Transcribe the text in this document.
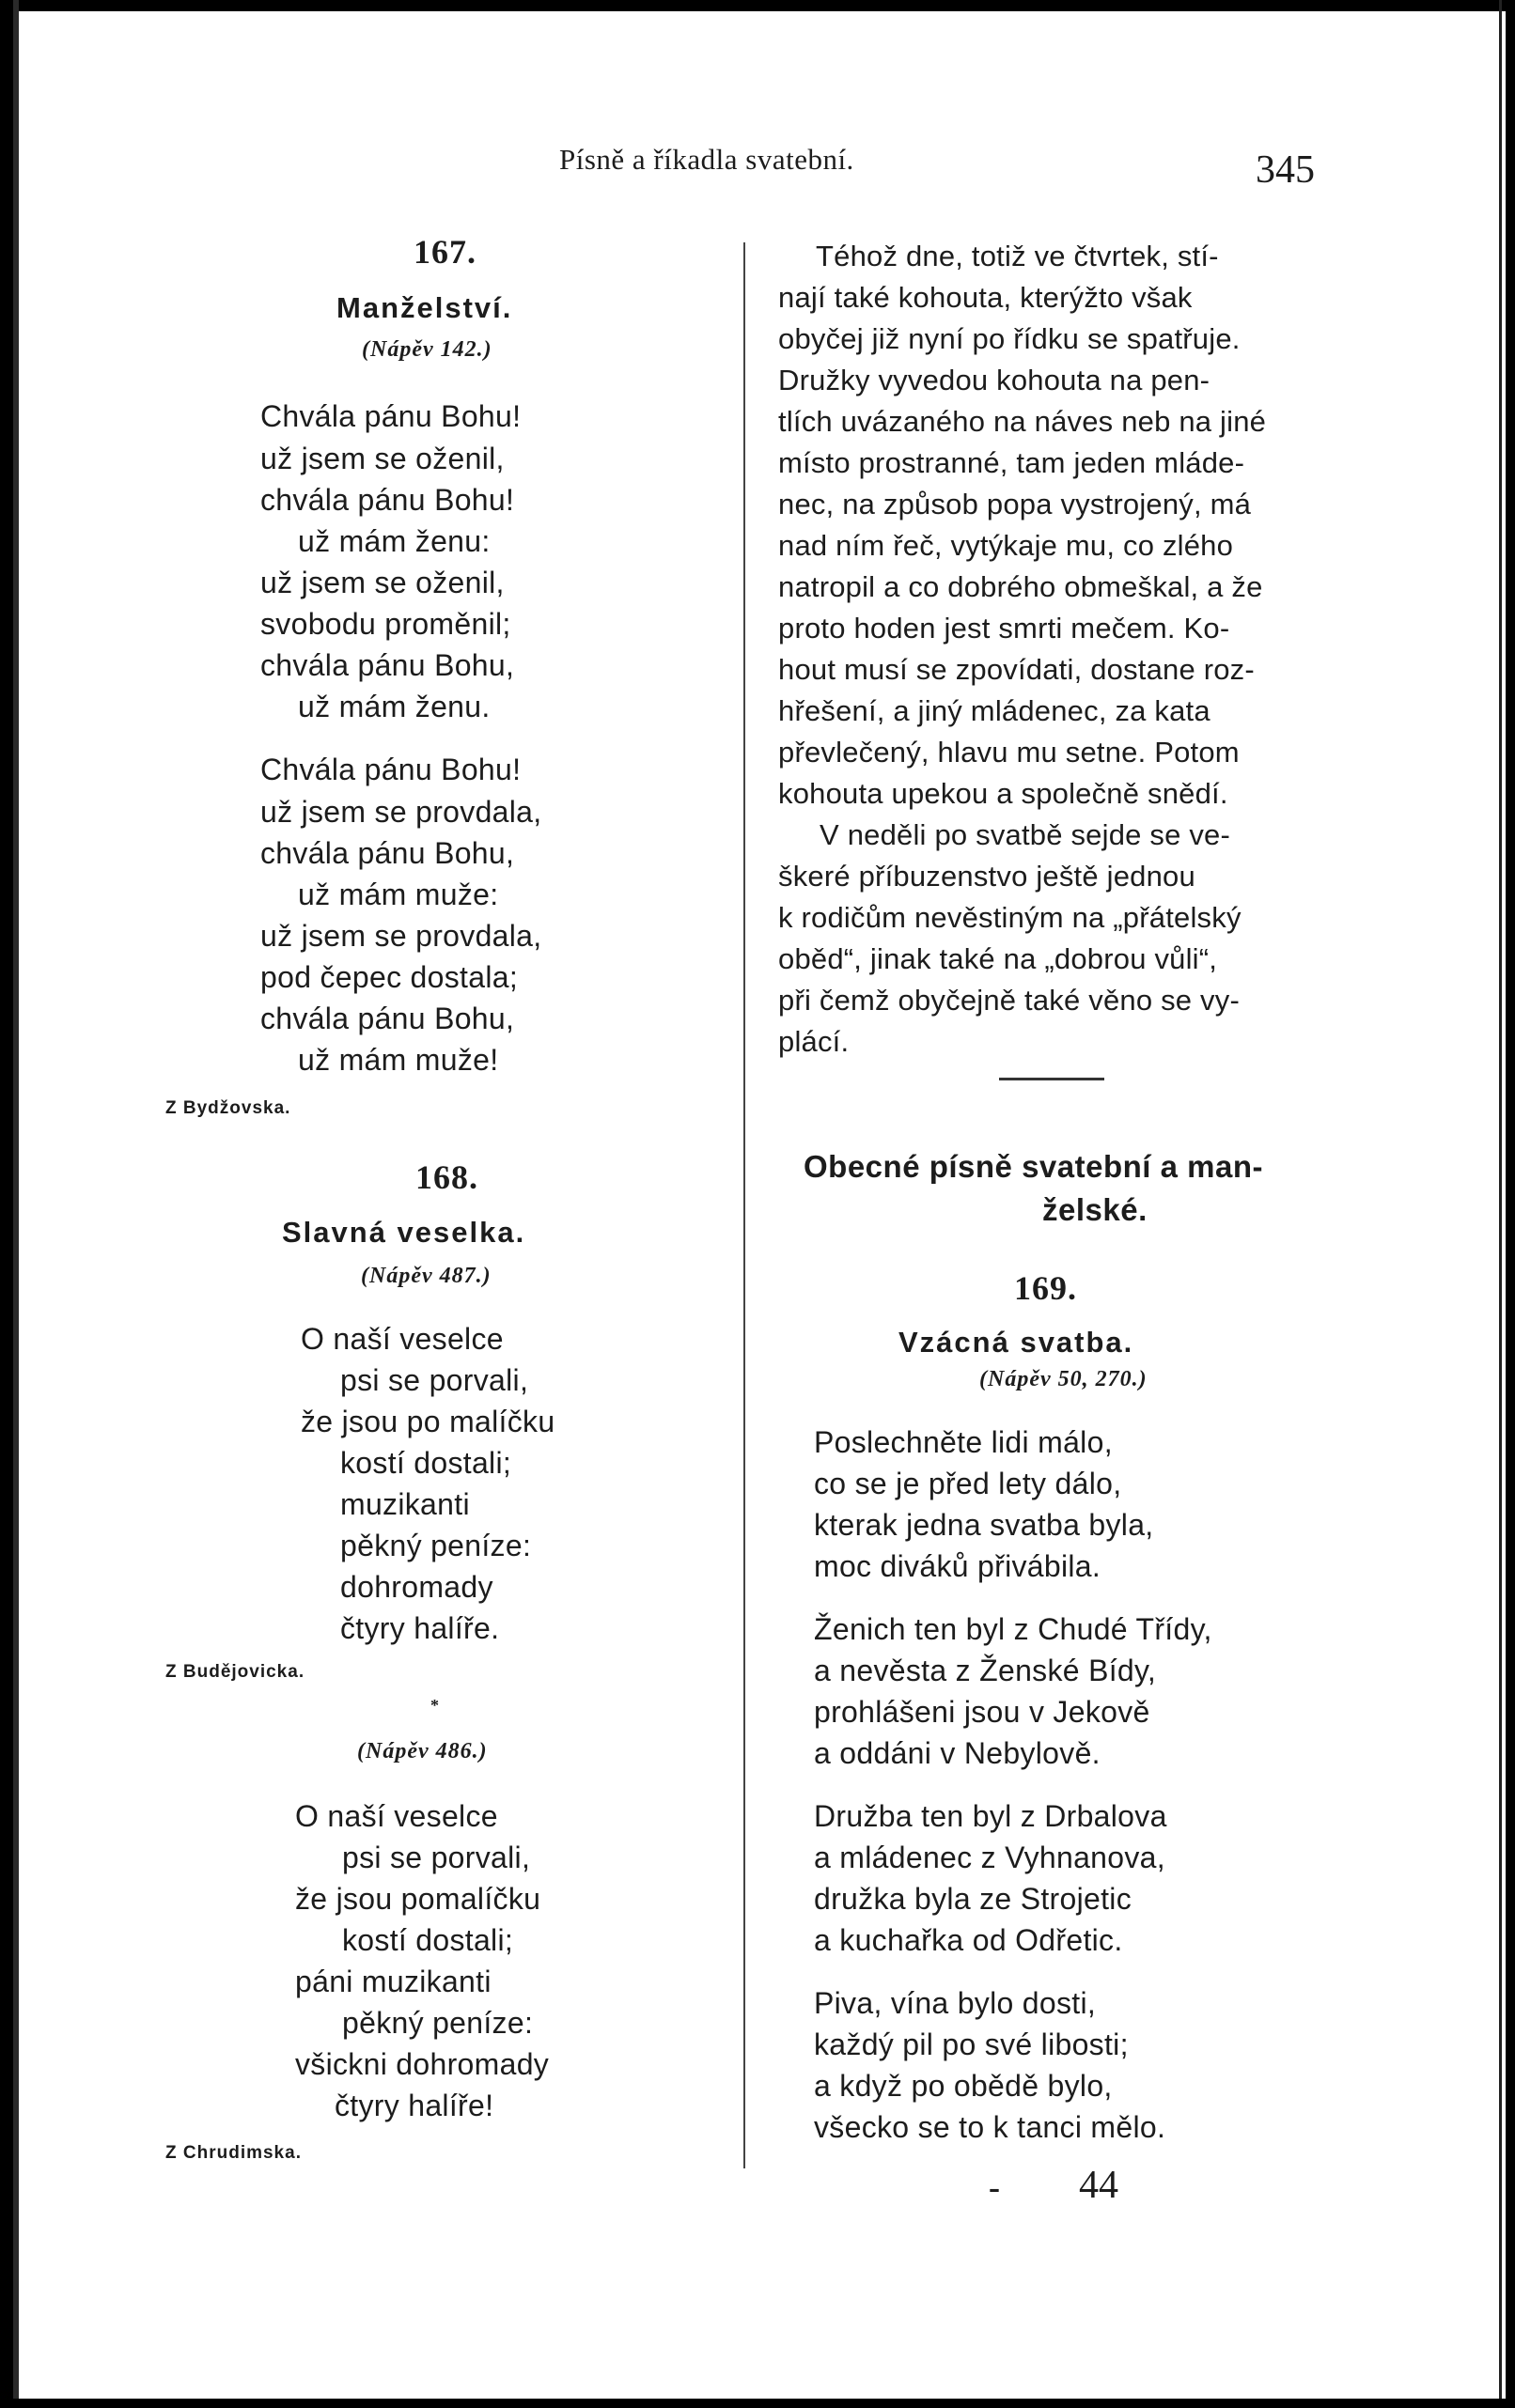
Písně a říkadla svatební.	345
167.
Manželství.
(Nápěv 142.)
Chvála pánu Bohu!
už jsem se oženil,
chvála pánu Bohu!
už mám ženu:
už jsem se oženil,
svobodu proměnil;
chvála pánu Bohu,
už mám ženu.
Chvála pánu Bohu!
už jsem se provdala,
chvála pánu Bohu,
už mám muže:
už jsem se provdala,
pod čepec dostala;
chvála pánu Bohu,
už mám muže!
Z Bydžovska.
168.
Slavná veselka.
(Nápěv 487.)
O naší veselce
psi se porvali,
že jsou po malíčku
kostí dostali;
muzikanti
pěkný peníze:
dohromady
čtyry halíře.
Z Budějovicka.
*
(Nápěv 486.)
O naší veselce
psi se porvali,
že jsou pomalíčku
kostí dostali;
páni muzikanti
pěkný peníze:
všickni dohromady
čtyry halíře!
Z Chrudimska.
Téhož dne, totiž ve čtvrtek, stí-
nají také kohouta, kterýžto však
obyčej již nyní po řídku se spatřuje.
Družky vyvedou kohouta na pen-
tlích uvázaného na náves neb na jiné
místo prostranné, tam jeden mláde-
nec, na způsob popa vystrojený, má
nad ním řeč, vytýkaje mu, co zlého
natropil a co dobrého obmeškal, a že
proto hoden jest smrti mečem. Ko-
hout musí se zpovídati, dostane roz-
hřešení, a jiný mládenec, za kata
převlečený, hlavu mu setne. Potom
kohouta upekou a společně snědí.
V neděli po svatbě sejde se ve-
škeré příbuzenstvo ještě jednou
k rodičům nevěstiným na „přátelský
oběd“, jinak také na „dobrou vůli“,
při čemž obyčejně také věno se vy-
plácí.
Obecné písně svatební a man-
želské.
169.
Vzácná svatba.
(Nápěv 50, 270.)
Poslechněte lidi málo,
co se je před lety dálo,
kterak jedna svatba byla,
moc diváků přivábila.
Ženich ten byl z Chudé Třídy,
a nevěsta z Ženské Bídy,
prohlášeni jsou v Jekově
a oddáni v Nebylově.
Družba ten byl z Drbalova
a mládenec z Vyhnanova,
družka byla ze Strojetic
a kuchařka od Odřetic.
Piva, vína bylo dosti,
každý pil po své libosti;
a když po obědě bylo,
všecko se to k tanci mělo.
- 44
